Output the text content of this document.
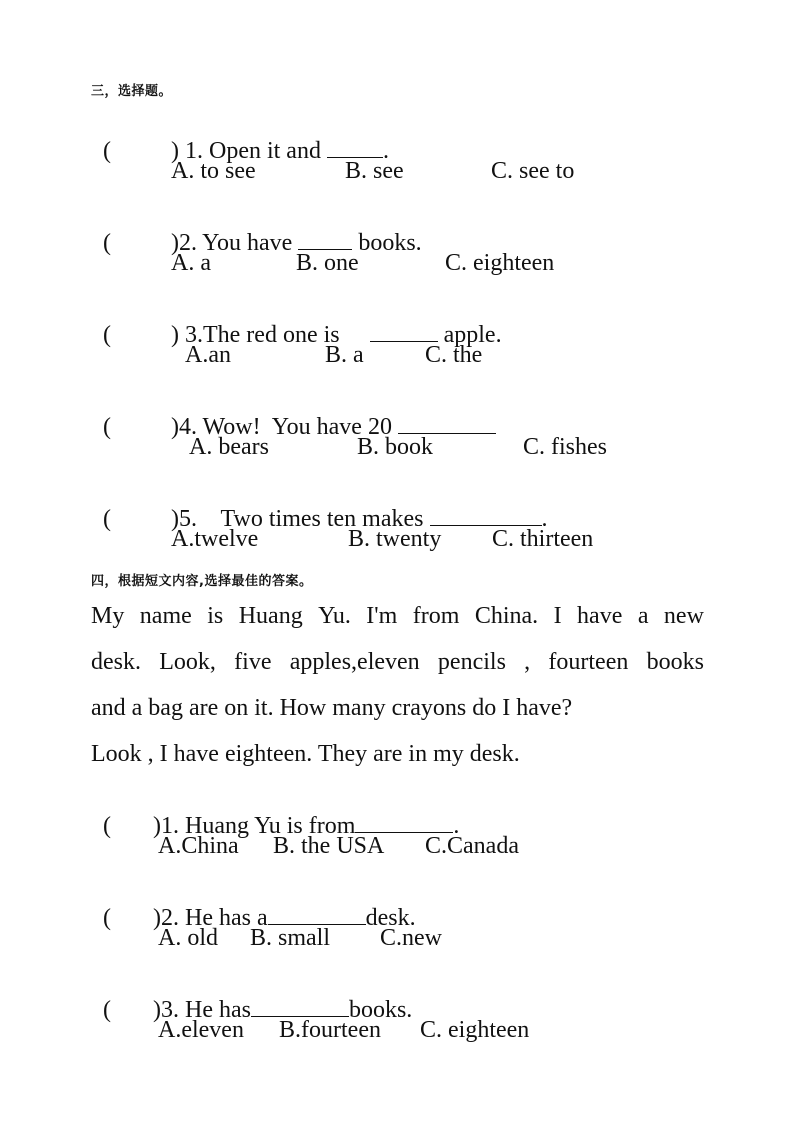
三，选择题。

(          ) 1. Open it and .

A. to see

	B. see

	C. see to

(          )2. You have  books.

A. a

	B. one

	C. eighteen

(          ) 3.The red one is	apple.

A.an

	B. a

	C. the

(          )4. Wow!  You have 20

A. bears

	B. book

	C. fishes

(          )5.    Two times ten makes	.

A.twelve

	B. twenty

C. thirteen

四，根据短文内容,选择最佳的答案。
My name is Huang Yu. I'm from China. I have a new
desk. Look, five apples,eleven pencils , fourteen books
and a bag are on it. How many crayons do I have?
Look , I have eighteen. They are in my desk.

(       )1. Huang Yu is from	.

A.China

B. the USA

C.Canada

(       )2. He has a	desk.

A. old

B. small

C.new

(       )3. He has	books.

A.eleven

B.fourteen

C. eighteen
